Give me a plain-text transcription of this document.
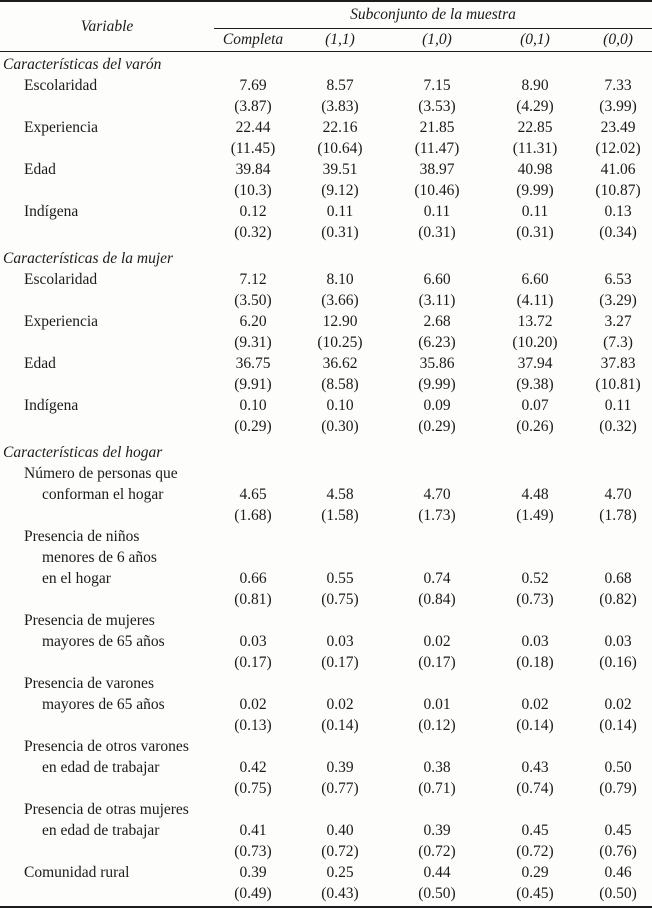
Variable	Subconjunto de la muestra				
	Completa	(1,1)	(1,0)	(0,1)	(0,0)
Características del varón					
Escolaridad	7.69	8.57	7.15	8.90	7.33
	(3.87)	(3.83)	(3.53)	(4.29)	(3.99)
Experiencia	22.44	22.16	21.85	22.85	23.49
	(11.45)	(10.64)	(11.47)	(11.31)	(12.02)
Edad	39.84	39.51	38.97	40.98	41.06
	(10.3)	(9.12)	(10.46)	(9.99)	(10.87)
Indígena	0.12	0.11	0.11	0.11	0.13
	(0.32)	(0.31)	(0.31)	(0.31)	(0.34)
Características de la mujer					
Escolaridad	7.12	8.10	6.60	6.60	6.53
	(3.50)	(3.66)	(3.11)	(4.11)	(3.29)
Experiencia	6.20	12.90	2.68	13.72	3.27
	(9.31)	(10.25)	(6.23)	(10.20)	(7.3)
Edad	36.75	36.62	35.86	37.94	37.83
	(9.91)	(8.58)	(9.99)	(9.38)	(10.81)
Indígena	0.10	0.10	0.09	0.07	0.11
	(0.29)	(0.30)	(0.29)	(0.26)	(0.32)
Características del hogar					
Número de personas que					
conforman el hogar	4.65	4.58	4.70	4.48	4.70
	(1.68)	(1.58)	(1.73)	(1.49)	(1.78)
Presencia de niños					
menores de 6 años					
en el hogar	0.66	0.55	0.74	0.52	0.68
	(0.81)	(0.75)	(0.84)	(0.73)	(0.82)
Presencia de mujeres					
mayores de 65 años	0.03	0.03	0.02	0.03	0.03
	(0.17)	(0.17)	(0.17)	(0.18)	(0.16)
Presencia de varones					
mayores de 65 años	0.02	0.02	0.01	0.02	0.02
	(0.13)	(0.14)	(0.12)	(0.14)	(0.14)
Presencia de otros varones					
en edad de trabajar	0.42	0.39	0.38	0.43	0.50
	(0.75)	(0.77)	(0.71)	(0.74)	(0.79)
Presencia de otras mujeres					
en edad de trabajar	0.41	0.40	0.39	0.45	0.45
	(0.73)	(0.72)	(0.72)	(0.72)	(0.76)
Comunidad rural	0.39	0.25	0.44	0.29	0.46
	(0.49)	(0.43)	(0.50)	(0.45)	(0.50)
